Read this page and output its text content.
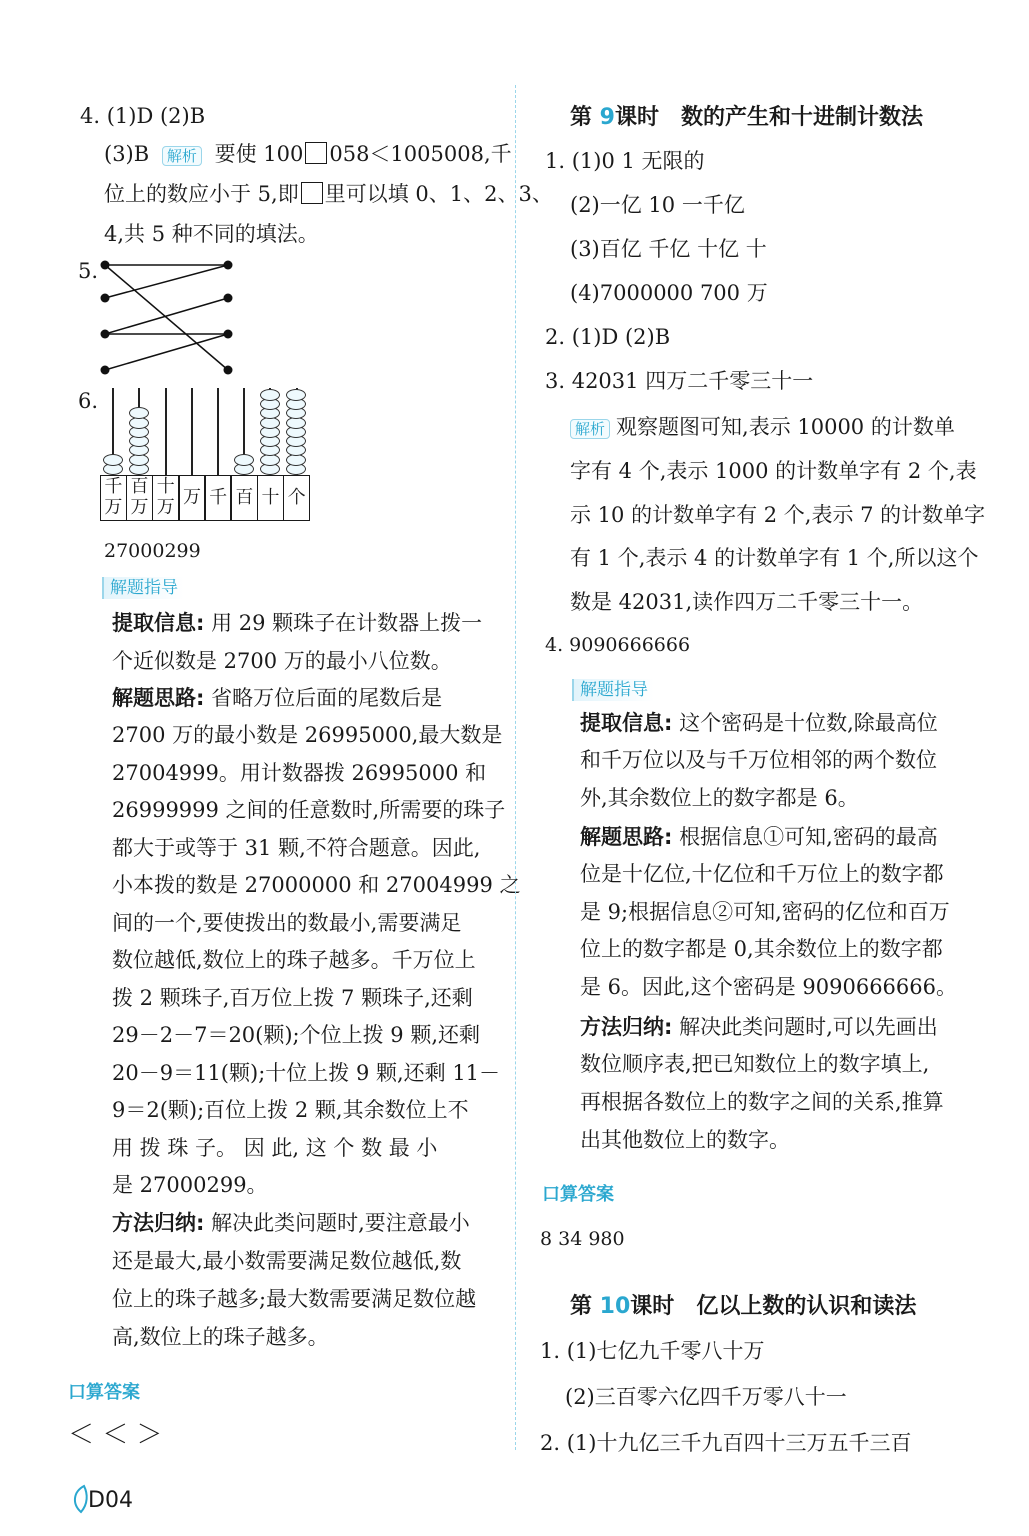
4. (1)D (2)B
(3)B 解析 要使 100 058＜1005008,千
位上的数应小于 5,即 里可以填 0、1、2、3、
4,共 5 种不同的填法。
5.
6.
千
万
百
万
十
万 万 千 百 十 个
27000299
解题指导
提取信息: 用 29 颗珠子在计数器上拨一
个近似数是 2700 万的最小八位数。
解题思路: 省略万位后面的尾数后是
2700 万的最小数是 26995000,最大数是
27004999。用计数器拨 26995000 和
26999999 之间的任意数时,所需要的珠子
都大于或等于 31 颗,不符合题意。因此,
小本拨的数是 27000000 和 27004999 之
间的一个,要使拨出的数最小,需要满足
数位越低,数位上的珠子越多。千万位上
拨 2 颗珠子,百万位上拨 7 颗珠子,还剩
29－2－7＝20(颗);个位上拨 9 颗,还剩
20－9＝11(颗);十位上拨 9 颗,还剩 11－
9＝2(颗);百位上拨 2 颗,其余数位上不
用 拨 珠 子。 因 此, 这 个 数 最 小
是 27000299。
方法归纳: 解决此类问题时,要注意最小
还是最大,最小数需要满足数位越低,数
位上的珠子越多;最大数需要满足数位越
高,数位上的珠子越多。
口算答案
＜ ＜ ＞
D04
第 9课时 数的产生和十进制计数法
1. (1)0 1 无限的
(2)一亿 10 一千亿
(3)百亿 千亿 十亿 十
(4)7000000 700 万
2. (1)D (2)B
3. 42031 四万二千零三十一
解析 观察题图可知,表示 10000 的计数单
字有 4 个,表示 1000 的计数单字有 2 个,表
示 10 的计数单字有 2 个,表示 7 的计数单字
有 1 个,表示 4 的计数单字有 1 个,所以这个
数是 42031,读作四万二千零三十一。
4. 9090666666
解题指导
提取信息: 这个密码是十位数,除最高位
和千万位以及与千万位相邻的两个数位
外,其余数位上的数字都是 6。
解题思路: 根据信息①可知,密码的最高
位是十亿位,十亿位和千万位上的数字都
是 9;根据信息②可知,密码的亿位和百万
位上的数字都是 0,其余数位上的数字都
是 6。因此,这个密码是 9090666666。
方法归纳: 解决此类问题时,可以先画出
数位顺序表,把已知数位上的数字填上,
再根据各数位上的数字之间的关系,推算
出其他数位上的数字。
口算答案
8 34 980
第 10课时 亿以上数的认识和读法
1. (1)七亿九千零八十万
(2)三百零六亿四千万零八十一
2. (1)十九亿三千九百四十三万五千三百
